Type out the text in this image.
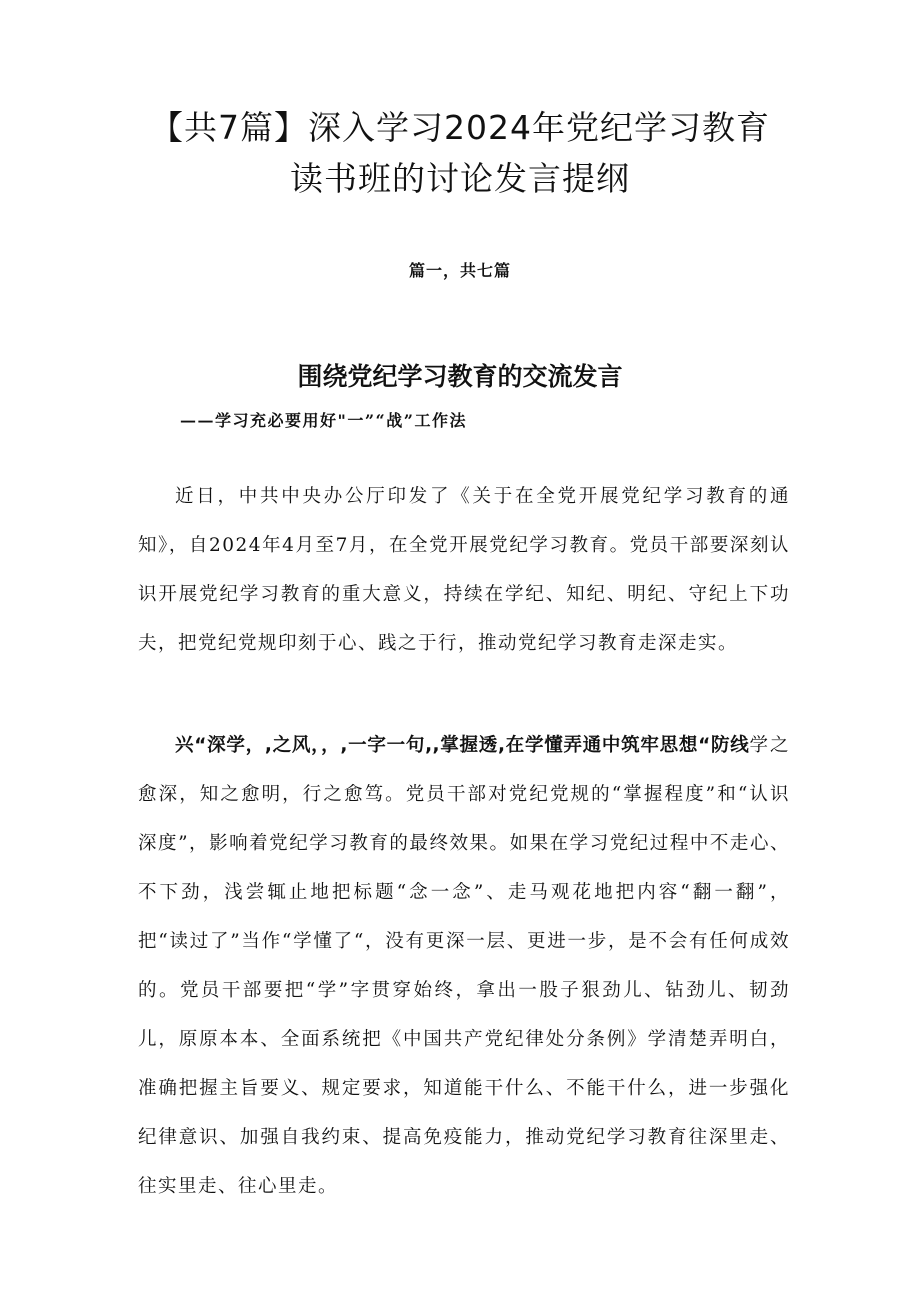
【共7篇】深入学习2024年党纪学习教育
读书班的讨论发言提纲
篇一，共七篇
围绕党纪学习教育的交流发言
——学习充必要用好"一”“战”工作法

近日，中共中央办公厅印发了《关于在全党开展党纪学习教育的通知》，自2024年4月至7月，在全党开展党纪学习教育。党员干部要深刻认识开展党纪学习教育的重大意义，持续在学纪、知纪、明纪、守纪上下功夫，把党纪党规印刻于心、践之于行，推动党纪学习教育走深走实。

兴“深学，,之风，，,一字一句,,掌握透,在学懂弄通中筑牢思想“防线学之愈深，知之愈明，行之愈笃。党员干部对党纪党规的“掌握程度”和“认识深度”，影响着党纪学习教育的最终效果。如果在学习党纪过程中不走心、不下劲，浅尝辄止地把标题“念一念”、走马观花地把内容“翻一翻”，把“读过了”当作“学懂了“，没有更深一层、更进一步，是不会有任何成效的。党员干部要把“学”字贯穿始终，拿出一股子狠劲儿、钻劲儿、韧劲儿，原原本本、全面系统把《中国共产党纪律处分条例》学清楚弄明白，准确把握主旨要义、规定要求，知道能干什么、不能干什么，进一步强化纪律意识、加强自我约束、提高免疫能力，推动党纪学习教育往深里走、往实里走、往心里走。
